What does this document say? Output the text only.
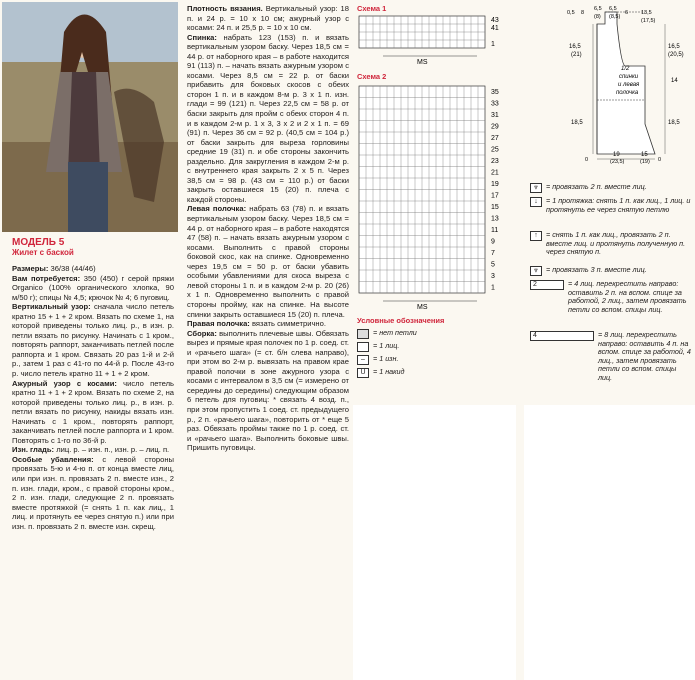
МОДЕЛЬ 5
Жилет с баской
Размеры: 36/38 (44/46)
Вам потребуется: 350 (450) г серой пряжи Organico (100% органического хлопка, 90 м/50 г); спицы № 4,5; крючок № 4; 6 пуговиц.
Вертикальный узор: сначала число петель кратно 15 + 1 + 2 кром. Вязать по схеме 1, на которой приведены только лиц. р., в изн. р. петли вязать по рисунку. Начинать с 1 кром., повторять раппорт, заканчивать петлей после раппорта и 1 кром. Связать 20 раз 1-й и 2-й р., затем 1 раз с 41-го по 44-й р. После 43-го р. число петель кратно 11 + 1 + 2 кром.
Ажурный узор с косами: число петель кратно 11 + 1 + 2 кром. Вязать по схеме 2, на которой приведены только лиц. р., в изн. р. петли вязать по рисунку, накиды вязать изн. Начинать с 1 кром., повторять раппорт, заканчивать петлей после раппорта и 1 кром. Повторять с 1-го по 36-й р.
Изн. гладь: лиц. р. – изн. п., изн. р. – лиц. п.
Особые убавления: с левой стороны провязать 5-ю и 4-ю п. от конца вместе лиц, или при изн. п. провязать 2 п. вместе изн., 2 п. изн. глади, кром., с правой стороны кром., 2 п. изн. глади, следующие 2 п. провязать вместе протяжкой (= снять 1 п. как лиц., 1 лиц. и протянуть ее через снятую п.) или при изн. п. провязать 2 п. вместе изн. скрещ.
Плотность вязания. Вертикальный узор: 18 п. и 24 р. = 10 x 10 см; ажурный узор с косами: 24 п. и 25,5 р. = 10 x 10 см.
Спинка: набрать 123 (153) п. и вязать вертикальным узором баску. Через 18,5 см = 44 р. от наборного края – в работе находится 91 (113) п. – начать вязать ажурным узором с косами. Через 8,5 см = 22 р. от баски прибавить для боковых скосов с обеих сторон 1 п. и в каждом 8-м р. 3 x 1 п. изн. глади = 99 (121) п. Через 22,5 см = 58 р. от баски закрыть для пройм с обеих сторон 4 п. и в каждом 2-м р. 1 x 3, 3 x 2 и 2 x 1 п. = 69 (91) п. Через 36 см = 92 р. (40,5 см = 104 р.) от баски закрыть для выреза горловины средние 19 (31) п. и обе стороны закончить раздельно. Для закругления в каждом 2-м р. с внутреннего края закрыть 2 x 5 п. Через 38,5 см = 98 р. (43 см = 110 р.) от баски закрыть оставшиеся 15 (20) п. плеча с каждой стороны.
Левая полочка: набрать 63 (78) п. и вязать вертикальным узором баску. Через 18,5 см = 44 р. от наборного края – в работе находятся 47 (58) п. – начать вязать ажурным узором с косами. Выполнить с правой стороны боковой скос, как на спинке. Одновременно через 19,5 см = 50 р. от баски убавить особыми убавлениями для скоса выреза с левой стороны 1 п. и в каждом 2-м р. 20 (26) x 1 п. Одновременно выполнить с правой стороны пройму, как на спинке. На высоте спинки закрыть оставшиеся 15 (20) п. плеча.
Правая полочка: вязать симметрично.
Сборка: выполнить плечевые швы. Обвязать вырез и прямые края полочек по 1 р. соед. ст. и «рачьего шага» (= ст. б/н слева направо), при этом во 2-м р. вывязать на правом крае правой полочки в зоне ажурного узора с косами с интервалом в 3,5 см (= измерено от середины до середины) следующим образом 6 петель для пуговиц: * связать 4 возд. п., при этом пропустить 1 соед. ст. предыдущего р., 2 п. «рачьего шага», повторить от * еще 5 раз. Обвязать проймы также по 1 р. соед. ст. и «рачьего шага». Выполнить боковые швы. Пришить пуговицы.
Схема 1
43
41
1
MS
Схема 2
35
33
31
29
27
25
23
21
19
17
15
13
11
9
7
5
3
1
MS
0,5 8
6,5 6,5
6 13,5
(8) (8,5)
(17,5)
16,5
(21)
16,5
(20,5)
14
1/2
спинки
и левая
полочка
18,5	18,5
0
19
(23,5)
15
(19) 0
Условные обозначения
= нет петли
= 1 лиц.
–	= 1 изн.
U	= 1 накид
⩔	= провязать 2 п. вместе лиц.
↓	= 1 протяжка: снять 1 п. как лиц., 1 лиц. и протянуть ее через снятую петлю
↑	= снять 1 п. как лиц., провязать 2 п. вместе лиц. и протянуть полученную п. через снятую п.
⩔	= провязать 3 п. вместе лиц.
2	= 4 лиц. перекрестить направо: оставить 2 п. на вспом. спице за работой, 2 лиц., затем провязать петли со вспом. спицы лиц.
4	= 8 лиц. перекрестить направо: оставить 4 п. на вспом. спице за работой, 4 лиц., затем провязать петли со вспом. спицы лиц.
